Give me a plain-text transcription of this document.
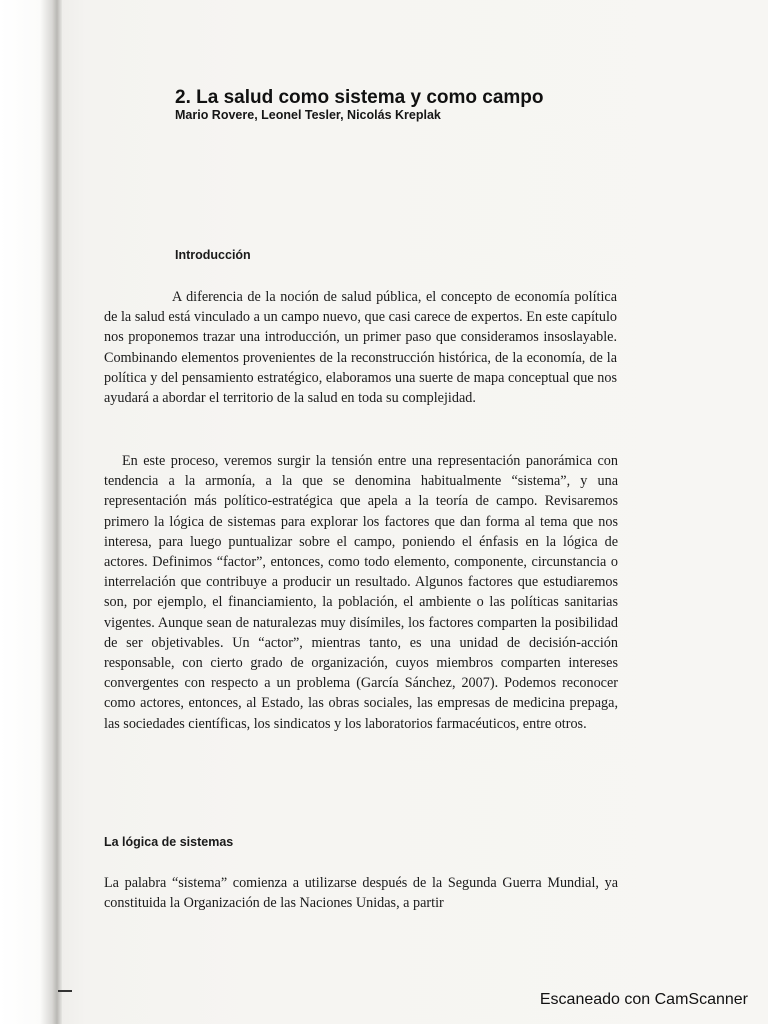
2. La salud como sistema y como campo

Mario Rovere, Leonel Tesler, Nicolás Kreplak

Introducción

A diferencia de la noción de salud pública, el concepto de economía política de la salud está vinculado a un campo nuevo, que casi carece de expertos. En este capítulo nos proponemos trazar una introducción, un primer paso que consideramos insoslayable. Combinando elementos provenientes de la reconstrucción histórica, de la economía, de la política y del pensamiento estratégico, elaboramos una suerte de mapa conceptual que nos ayudará a abordar el territorio de la salud en toda su complejidad.

En este proceso, veremos surgir la tensión entre una representación panorámica con tendencia a la armonía, a la que se denomina habitualmente “sistema”, y una representación más político-estratégica que apela a la teoría de campo. Revisaremos primero la lógica de sistemas para explorar los factores que dan forma al tema que nos interesa, para luego puntualizar sobre el campo, poniendo el énfasis en la lógica de actores. Definimos “factor”, entonces, como todo elemento, componente, circunstancia o interrelación que contribuye a producir un resultado. Algunos factores que estudiaremos son, por ejemplo, el financiamiento, la población, el ambiente o las políticas sanitarias vigentes. Aunque sean de naturalezas muy disímiles, los factores comparten la posibilidad de ser objetivables. Un “actor”, mientras tanto, es una unidad de decisión-acción responsable, con cierto grado de organización, cuyos miembros comparten intereses convergentes con respecto a un problema (García Sánchez, 2007). Podemos reconocer como actores, entonces, al Estado, las obras sociales, las empresas de medicina prepaga, las sociedades científicas, los sindicatos y los laboratorios farmacéuticos, entre otros.

La lógica de sistemas

La palabra “sistema” comienza a utilizarse después de la Segunda Guerra Mundial, ya constituida la Organización de las Naciones Unidas, a partir

Escaneado con CamScanner
